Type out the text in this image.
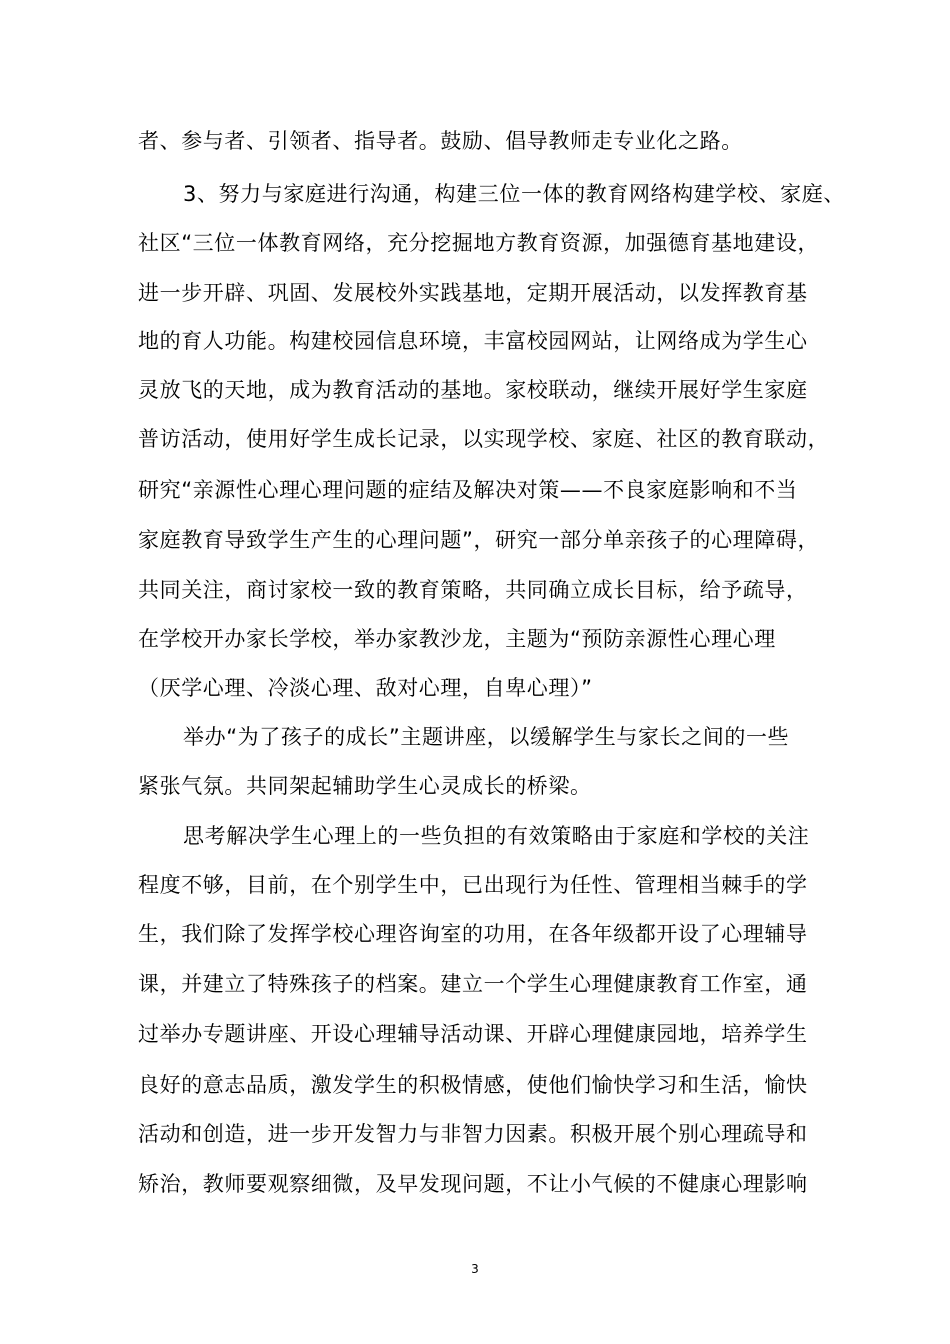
者、参与者、引领者、指导者。鼓励、倡导教师走专业化之路。
3、努力与家庭进行沟通，构建三位一体的教育网络构建学校、家庭、
社区“三位一体教育网络，充分挖掘地方教育资源，加强德育基地建设，
进一步开辟、巩固、发展校外实践基地，定期开展活动，以发挥教育基
地的育人功能。构建校园信息环境，丰富校园网站，让网络成为学生心
灵放飞的天地，成为教育活动的基地。家校联动，继续开展好学生家庭
普访活动，使用好学生成长记录，以实现学校、家庭、社区的教育联动，
研究“亲源性心理心理问题的症结及解决对策——不良家庭影响和不当
家庭教育导致学生产生的心理问题”，研究一部分单亲孩子的心理障碍，
共同关注，商讨家校一致的教育策略，共同确立成长目标，给予疏导，
在学校开办家长学校，举办家教沙龙，主题为“预防亲源性心理心理
（厌学心理、冷淡心理、敌对心理，自卑心理）”
举办“为了孩子的成长”主题讲座，以缓解学生与家长之间的一些
紧张气氛。共同架起辅助学生心灵成长的桥梁。
思考解决学生心理上的一些负担的有效策略由于家庭和学校的关注
程度不够，目前，在个别学生中，已出现行为任性、管理相当棘手的学
生，我们除了发挥学校心理咨询室的功用，在各年级都开设了心理辅导
课，并建立了特殊孩子的档案。建立一个学生心理健康教育工作室，通
过举办专题讲座、开设心理辅导活动课、开辟心理健康园地，培养学生
良好的意志品质，激发学生的积极情感，使他们愉快学习和生活，愉快
活动和创造，进一步开发智力与非智力因素。积极开展个别心理疏导和
矫治，教师要观察细微，及早发现问题，不让小气候的不健康心理影响
3
